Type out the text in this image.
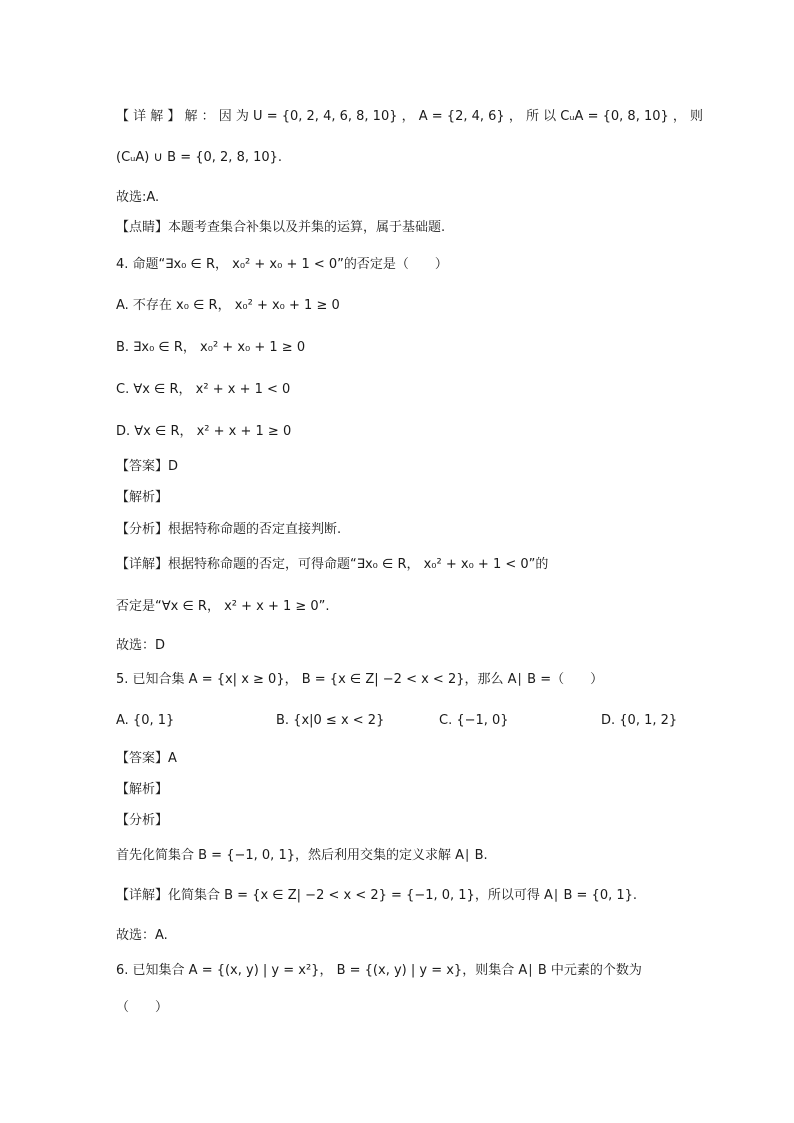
【 详 解 】 解 ： 因 为 U = {0, 2, 4, 6, 8, 10} ， A = {2, 4, 6} ， 所 以 CᵤA = {0, 8, 10} ， 则
(CᵤA) ∪ B = {0, 2, 8, 10}.
故选:A.
【点睛】本题考查集合补集以及并集的运算，属于基础题.
4. 命题“∃x₀ ∈ R， x₀² + x₀ + 1 < 0”的否定是（　　）
A. 不存在 x₀ ∈ R， x₀² + x₀ + 1 ≥ 0
B. ∃x₀ ∈ R， x₀² + x₀ + 1 ≥ 0
C. ∀x ∈ R， x² + x + 1 < 0
D. ∀x ∈ R， x² + x + 1 ≥ 0
【答案】D
【解析】
【分析】根据特称命题的否定直接判断.
【详解】根据特称命题的否定，可得命题“∃x₀ ∈ R， x₀² + x₀ + 1 < 0”的
否定是“∀x ∈ R， x² + x + 1 ≥ 0”.
故选：D
5. 已知合集 A = {x| x ≥ 0}， B = {x ∈ Z| −2 < x < 2}，那么 A∣ B =（　　）
A. {0, 1}	B. {x|0 ≤ x < 2}	C. {−1, 0}	D. {0, 1, 2}
【答案】A
【解析】
【分析】
首先化简集合 B = {−1, 0, 1}，然后利用交集的定义求解 A∣ B.
【详解】化简集合 B = {x ∈ Z| −2 < x < 2} = {−1, 0, 1}，所以可得 A∣ B = {0, 1}.
故选：A.
6. 已知集合 A = {(x, y) | y = x²}， B = {(x, y) | y = x}，则集合 A∣ B 中元素的个数为
（　　）
